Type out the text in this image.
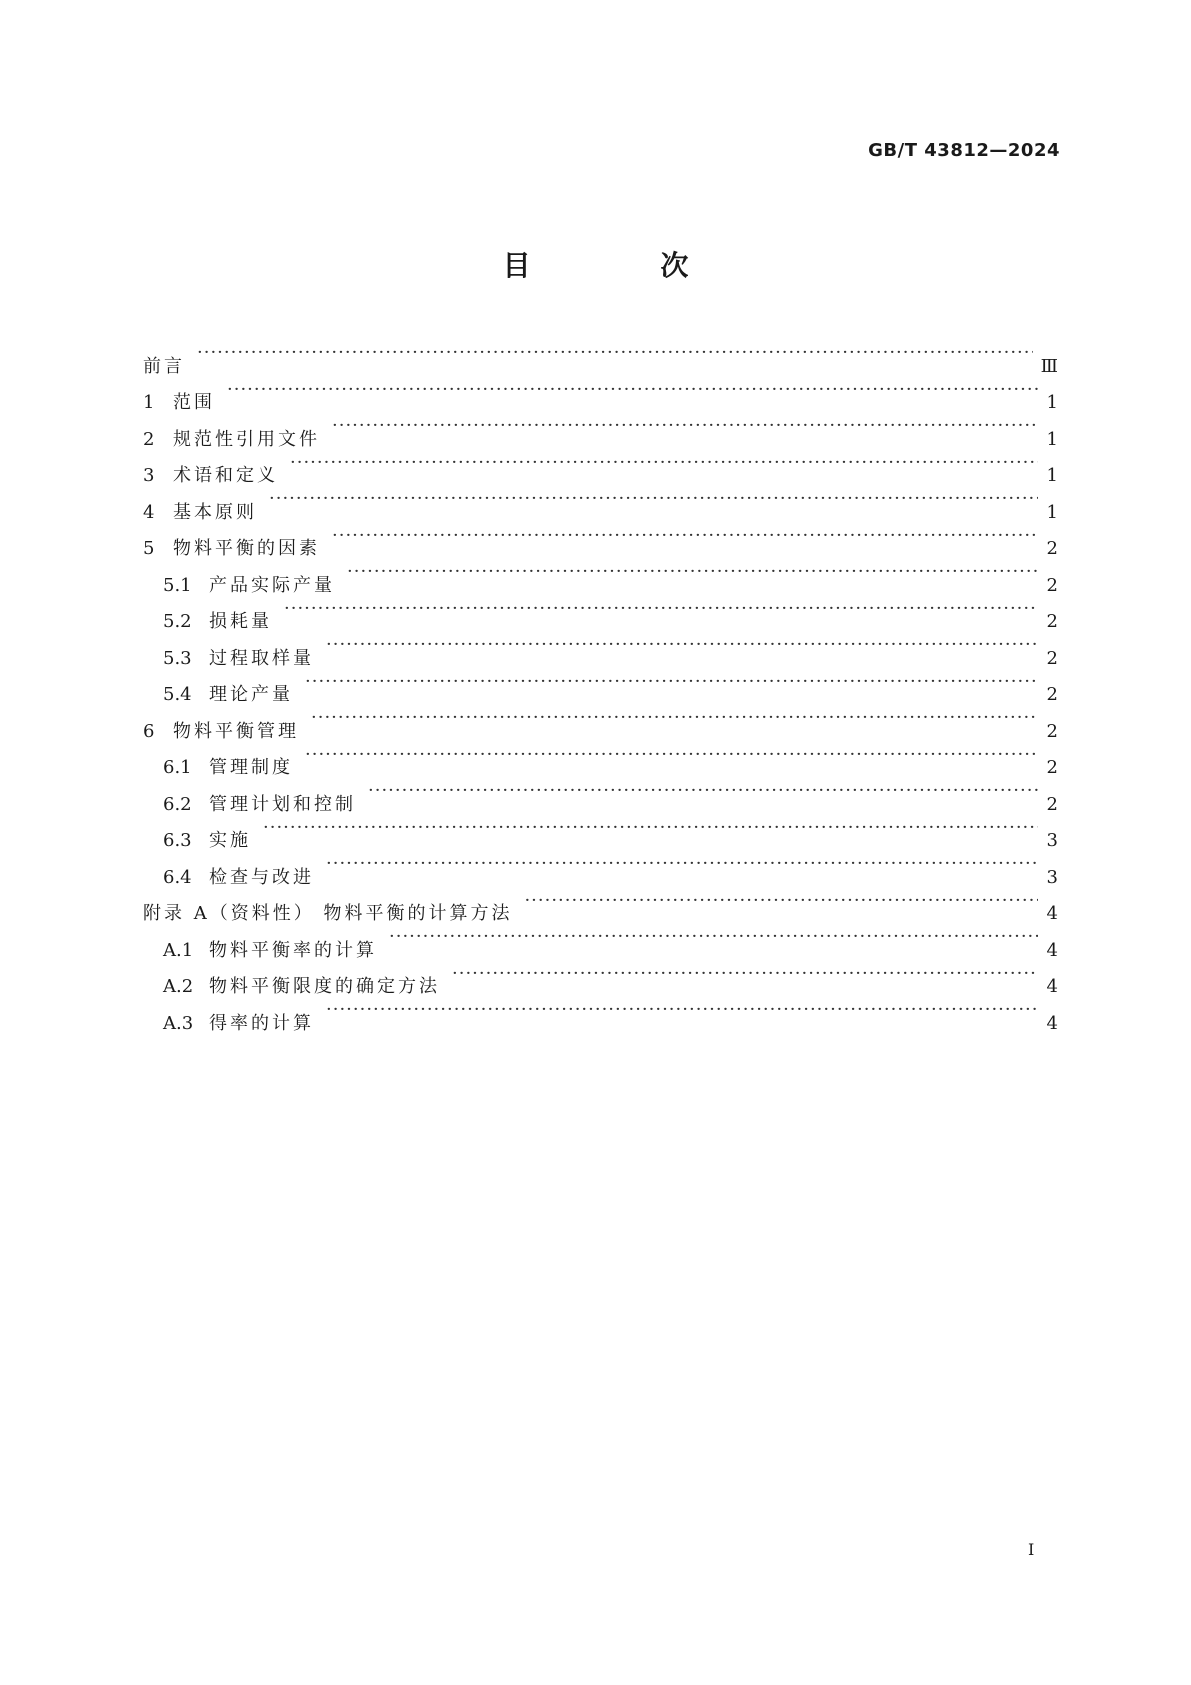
GB/T 43812—2024
目 次
前言 ·····	Ⅲ
1 范围 ·····	1
2 规范性引用文件 ·····	1
3 术语和定义 ·····	1
4 基本原则 ·····	1
5 物料平衡的因素 ·····	2
5.1 产品实际产量 ·····	2
5.2 损耗量 ·····	2
5.3 过程取样量 ·····	2
5.4 理论产量 ·····	2
6 物料平衡管理 ·····	2
6.1 管理制度 ·····	2
6.2 管理计划和控制 ·····	2
6.3 实施 ·····	3
6.4 检查与改进 ·····	3
附录 A（资料性） 物料平衡的计算方法 ·····	4
A.1 物料平衡率的计算 ·····	4
A.2 物料平衡限度的确定方法 ·····	4
A.3 得率的计算 ·····	4
I
